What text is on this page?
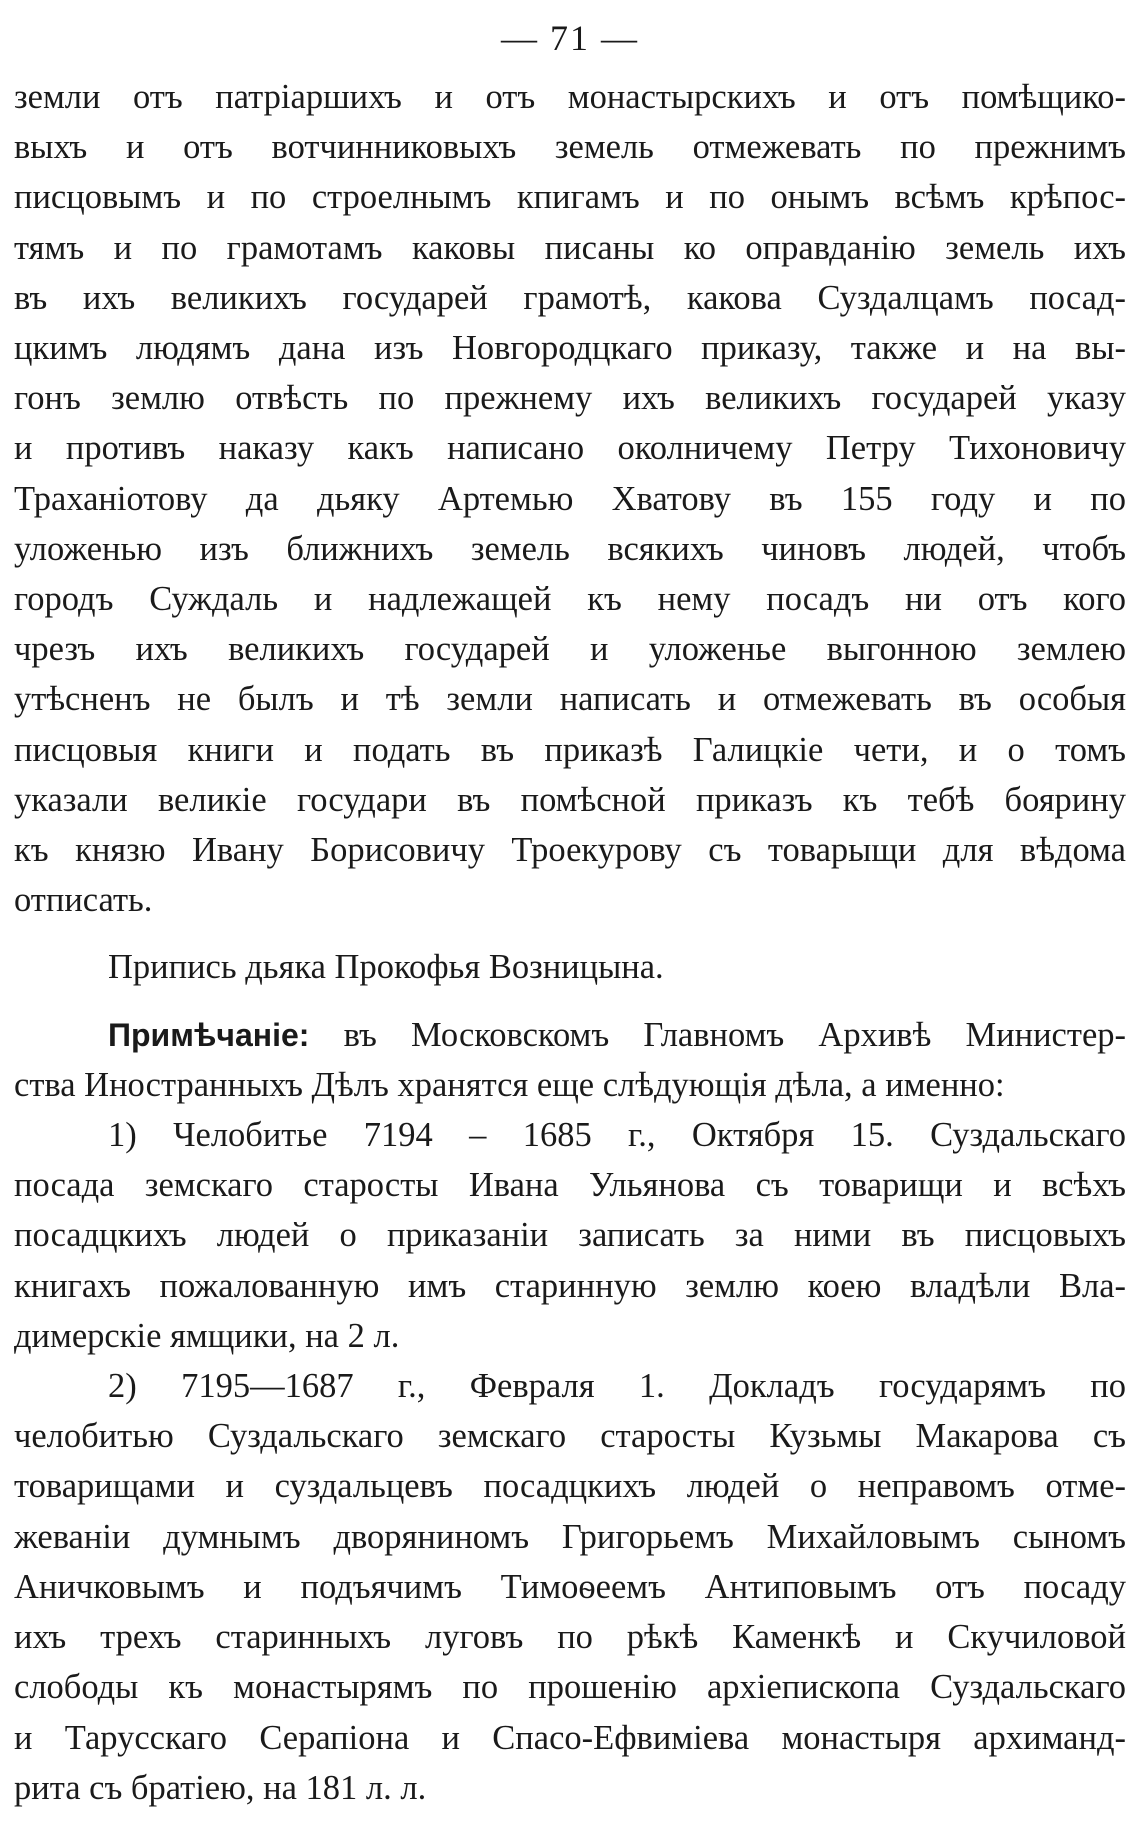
— 71 —
земли отъ патріаршихъ и отъ монастырскихъ и отъ помѣщико-
выхъ и отъ вотчинниковыхъ земель отмежевать по прежнимъ
писцовымъ и по строелнымъ кпигамъ и по онымъ всѣмъ крѣпос-
тямъ и по грамотамъ каковы писаны ко оправданію земель ихъ
въ ихъ великихъ государей грамотѣ, какова Суздалцамъ посад-
цкимъ людямъ дана изъ Новгородцкаго приказу, также и на вы-
гонъ землю отвѣсть по прежнему ихъ великихъ государей указу
и противъ наказу какъ написано околничему Петру Тихоновичу
Траханіотову да дьяку Артемью Хватову въ 155 году и по
уложенью изъ ближнихъ земель всякихъ чиновъ людей, чтобъ
городъ Суждаль и надлежащей къ нему посадъ ни отъ кого
чрезъ ихъ великихъ государей и уложеньe выгонною землею
утѣсненъ не былъ и тѣ земли написать и отмежевать въ особыя
писцовыя книги и подать въ приказѣ Галицкіе чети, и о томъ
указали великіе государи въ помѣсной приказъ къ тебѣ боярину
къ князю Ивану Борисовичу Троекурову съ товарыщи для вѣдома
отписать.
Припись дьяка Прокофья Возницына.
Примѣчаніе: въ Московскомъ Главномъ Архивѣ Министер-
ства Иностранныхъ Дѣлъ хранятся еще слѣдующія дѣла, а именно:
1) Челобитье 7194 – 1685 г., Октября 15. Суздальскаго
посада земскаго старосты Ивана Ульянова съ товарищи и всѣхъ
посадцкихъ людей о приказаніи записать за ними въ писцовыхъ
книгахъ пожалованную имъ старинную землю коею владѣли Вла-
димерскіе ямщики, на 2 л.
2) 7195—1687 г., Февраля 1. Докладъ государямъ по
челобитью Суздальскаго земскаго старосты Кузьмы Макарова съ
товарищами и суздальцевъ посадцкихъ людей о неправомъ отме-
жеваніи думнымъ дворяниномъ Григорьемъ Михайловымъ сыномъ
Аничковымъ и подъячимъ Тимоѳеемъ Антиповымъ отъ посаду
ихъ трехъ старинныхъ луговъ по рѣкѣ Каменкѣ и Скучиловой
слободы къ монастырямъ по прошенію архіепископа Суздальскаго
и Тарусскаго Серапіона и Спасо-Ефвиміева монастыря архиманд-
рита съ братіею, на 181 л. л.
